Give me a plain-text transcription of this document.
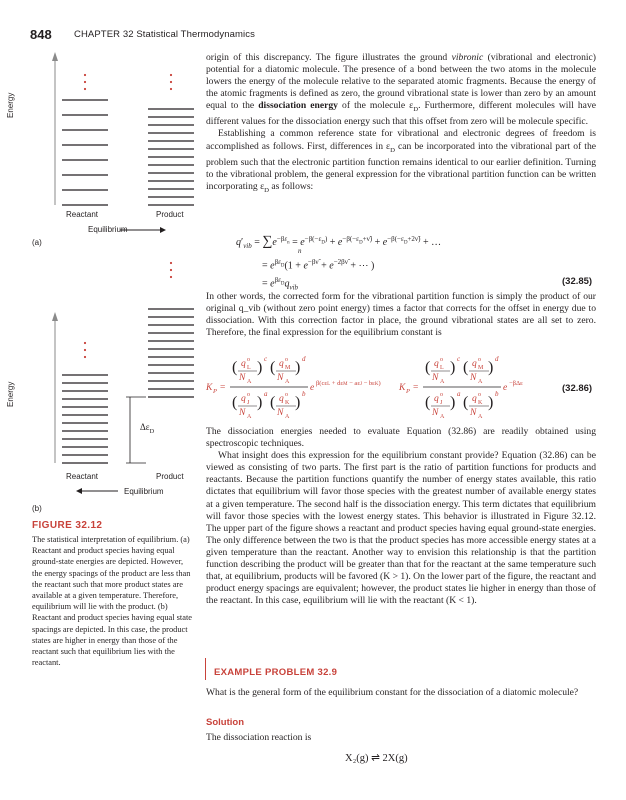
848 CHAPTER 32 Statistical Thermodynamics
Energy
Reactant	Product
Equilibrium
(a)
Energy
$\Delta\varepsilon_D$
Reactant	Product
Equilibrium
(b)
FIGURE 32.12
The statistical interpretation of equilibrium. (a) Reactant and product species having equal ground-state energies are depicted. However, the energy spacings of the product are less than the reactant such that more product states are available at a given temperature. Therefore, equilibrium will lie with the product. (b) Reactant and product species having equal state spacings are depicted. In this case, the product states are higher in energy than those of the reactant such that equilibrium lies with the reactant.

origin of this discrepancy. The figure illustrates the ground vibronic (vibrational and electronic) potential for a diatomic molecule. The presence of a bond between the two atoms in the molecule lowers the energy of the molecule relative to the separated atomic fragments. Because the energy of the atomic fragments is defined as zero, the ground vibrational state is lower than zero by an amount equal to the dissociation energy of the molecule $\varepsilon_D$. Furthermore, different molecules will have different values for the dissociation energy such that this offset from zero will be molecule specific.

Establishing a common reference state for vibrational and electronic degrees of freedom is accomplished as follows. First, differences in $\varepsilon_D$ can be incorporated into the vibrational part of the problem such that the electronic partition function remains identical to our earlier definition. Turning to the vibrational problem, the general expression for the vibrational partition function can be written incorporating $\varepsilon_D$ as follows:

$q'_{vib} = \sum e^{-\beta\varepsilon_n} = e^{-\beta(-\varepsilon_D)} + e^{-\beta(-\varepsilon_D+\nũ)} + e^{-\beta(-\varepsilon_D+2\nũ)}$ + …
n
= $e^{\beta\varepsilon_D}(1 + e^{-\beta\nũ} + e^{-2\beta\nũ}$ + ⋯ )
= $e^{\beta\varepsilon_D}q_{vib}$
(32.85)
In other words, the corrected form for the vibrational partition function is simply the product of our original q_vib (without zero point energy) times a factor that corrects for the offset in energy due to dissociation. With this correction factor in place, the ground vibrational states are all set to zero. Therefore, the final expression for the equilibrium constant is
K P =
( q o
L
N A
) c ( q o
M
N A
) d
( q o
J
N A
) a ( q o
K
N A
) b
e β(cεL + dεM − aεJ − bεK) K P =
( q o
L
N A
) c ( q o
M
N A
) d
( q o
J
N A
) a ( q o
K
N A
) b
e −βΔε	(32.86)

The dissociation energies needed to evaluate Equation (32.86) are readily obtained using spectroscopic techniques.

What insight does this expression for the equilibrium constant provide? Equation (32.86) can be viewed as consisting of two parts. The first part is the ratio of partition functions for products and reactants. Because the partition functions quantify the number of energy states available, this ratio dictates that equilibrium will favor those species with the greatest number of available energy states at a given temperature. The second half is the dissociation energy. This term dictates that equilibrium will favor those species with the lowest energy states. This behavior is illustrated in Figure 32.12. The upper part of the figure shows a reactant and product species having equal ground-state energies. The only difference between the two is that the product species has more accessible energy states at a given temperature than the reactant. Another way to envision this relationship is that the partition function describing the product will be greater than that for the reactant at the same temperature such that, at equilibrium, products will be favored (K > 1). On the lower part of the figure, the reactant and product energy spacings are equivalent; however, the product states lie higher in energy than those of the reactant. In this case, equilibrium will lie with the reactant (K < 1).

EXAMPLE PROBLEM 32.9
What is the general form of the equilibrium constant for the dissociation of a diatomic molecule?
Solution
The dissociation reaction is
X₂(g) ⇌ 2X(g)
